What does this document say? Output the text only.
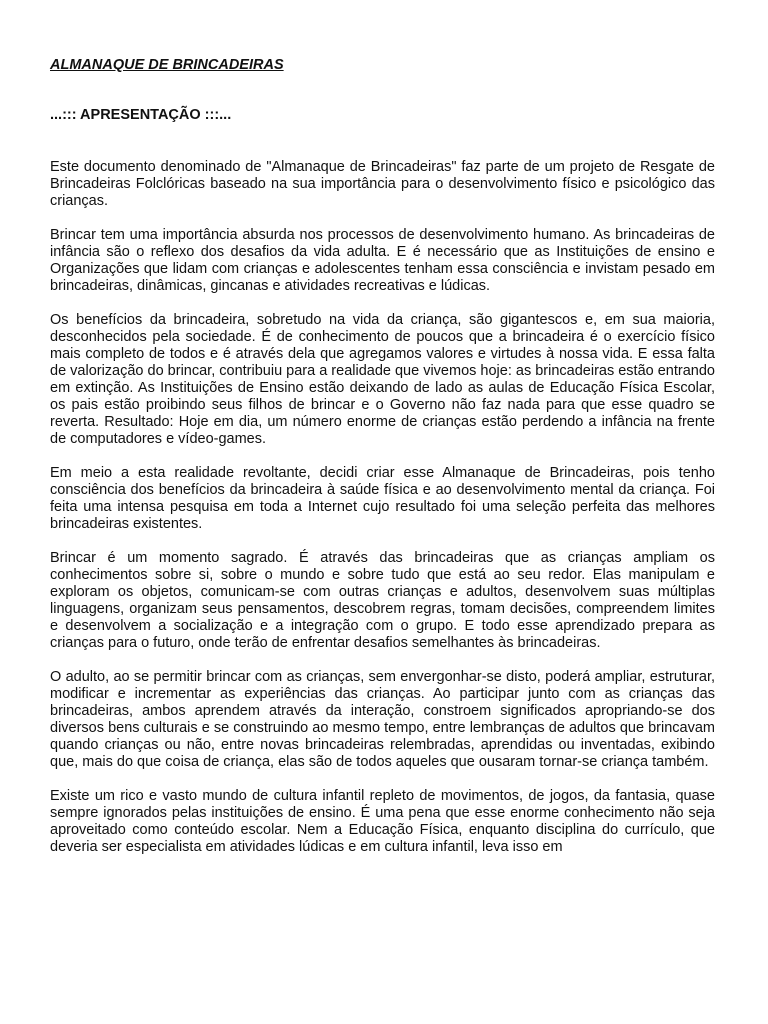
ALMANAQUE DE BRINCADEIRAS
...::: APRESENTAÇÃO :::...

Este documento denominado de "Almanaque de Brincadeiras" faz parte de um projeto de Resgate de Brincadeiras Folclóricas baseado na sua importância para o desenvolvimento físico e psicológico das crianças.

Brincar tem uma importância absurda nos processos de desenvolvimento humano. As brincadeiras de infância são o reflexo dos desafios da vida adulta. E é necessário que as Instituições de ensino e Organizações que lidam com crianças e adolescentes tenham essa consciência e invistam pesado em brincadeiras, dinâmicas, gincanas e atividades recreativas e lúdicas.

Os benefícios da brincadeira, sobretudo na vida da criança, são gigantescos e, em sua maioria, desconhecidos pela sociedade. É de conhecimento de poucos que a brincadeira é o exercício físico mais completo de todos e é através dela que agregamos valores e virtudes à nossa vida. E essa falta de valorização do brincar, contribuiu para a realidade que vivemos hoje: as brincadeiras estão entrando em extinção. As Instituições de Ensino estão deixando de lado as aulas de Educação Física Escolar, os pais estão proibindo seus filhos de brincar e o Governo não faz nada para que esse quadro se reverta. Resultado: Hoje em dia, um número enorme de crianças estão perdendo a infância na frente de computadores e vídeo-games.

Em meio a esta realidade revoltante, decidi criar esse Almanaque de Brincadeiras, pois tenho consciência dos benefícios da brincadeira à saúde física e ao desenvolvimento mental da criança. Foi feita uma intensa pesquisa em toda a Internet cujo resultado foi uma seleção perfeita das melhores brincadeiras existentes.

Brincar é um momento sagrado. É através das brincadeiras que as crianças ampliam os conhecimentos sobre si, sobre o mundo e sobre tudo que está ao seu redor. Elas manipulam e exploram os objetos, comunicam-se com outras crianças e adultos, desenvolvem suas múltiplas linguagens, organizam seus pensamentos, descobrem regras, tomam decisões, compreendem limites e desenvolvem a socialização e a integração com o grupo. E todo esse aprendizado prepara as crianças para o futuro, onde terão de enfrentar desafios semelhantes às brincadeiras.

O adulto, ao se permitir brincar com as crianças, sem envergonhar-se disto, poderá ampliar, estruturar, modificar e incrementar as experiências das crianças. Ao participar junto com as crianças das brincadeiras, ambos aprendem através da interação, constroem significados apropriando-se dos diversos bens culturais e se construindo ao mesmo tempo, entre lembranças de adultos que brincavam quando crianças ou não, entre novas brincadeiras relembradas, aprendidas ou inventadas, exibindo que, mais do que coisa de criança, elas são de todos aqueles que ousaram tornar-se criança também.

Existe um rico e vasto mundo de cultura infantil repleto de movimentos, de jogos, da fantasia, quase sempre ignorados pelas instituições de ensino. É uma pena que esse enorme conhecimento não seja aproveitado como conteúdo escolar. Nem a Educação Física, enquanto disciplina do currículo, que deveria ser especialista em atividades lúdicas e em cultura infantil, leva isso em
